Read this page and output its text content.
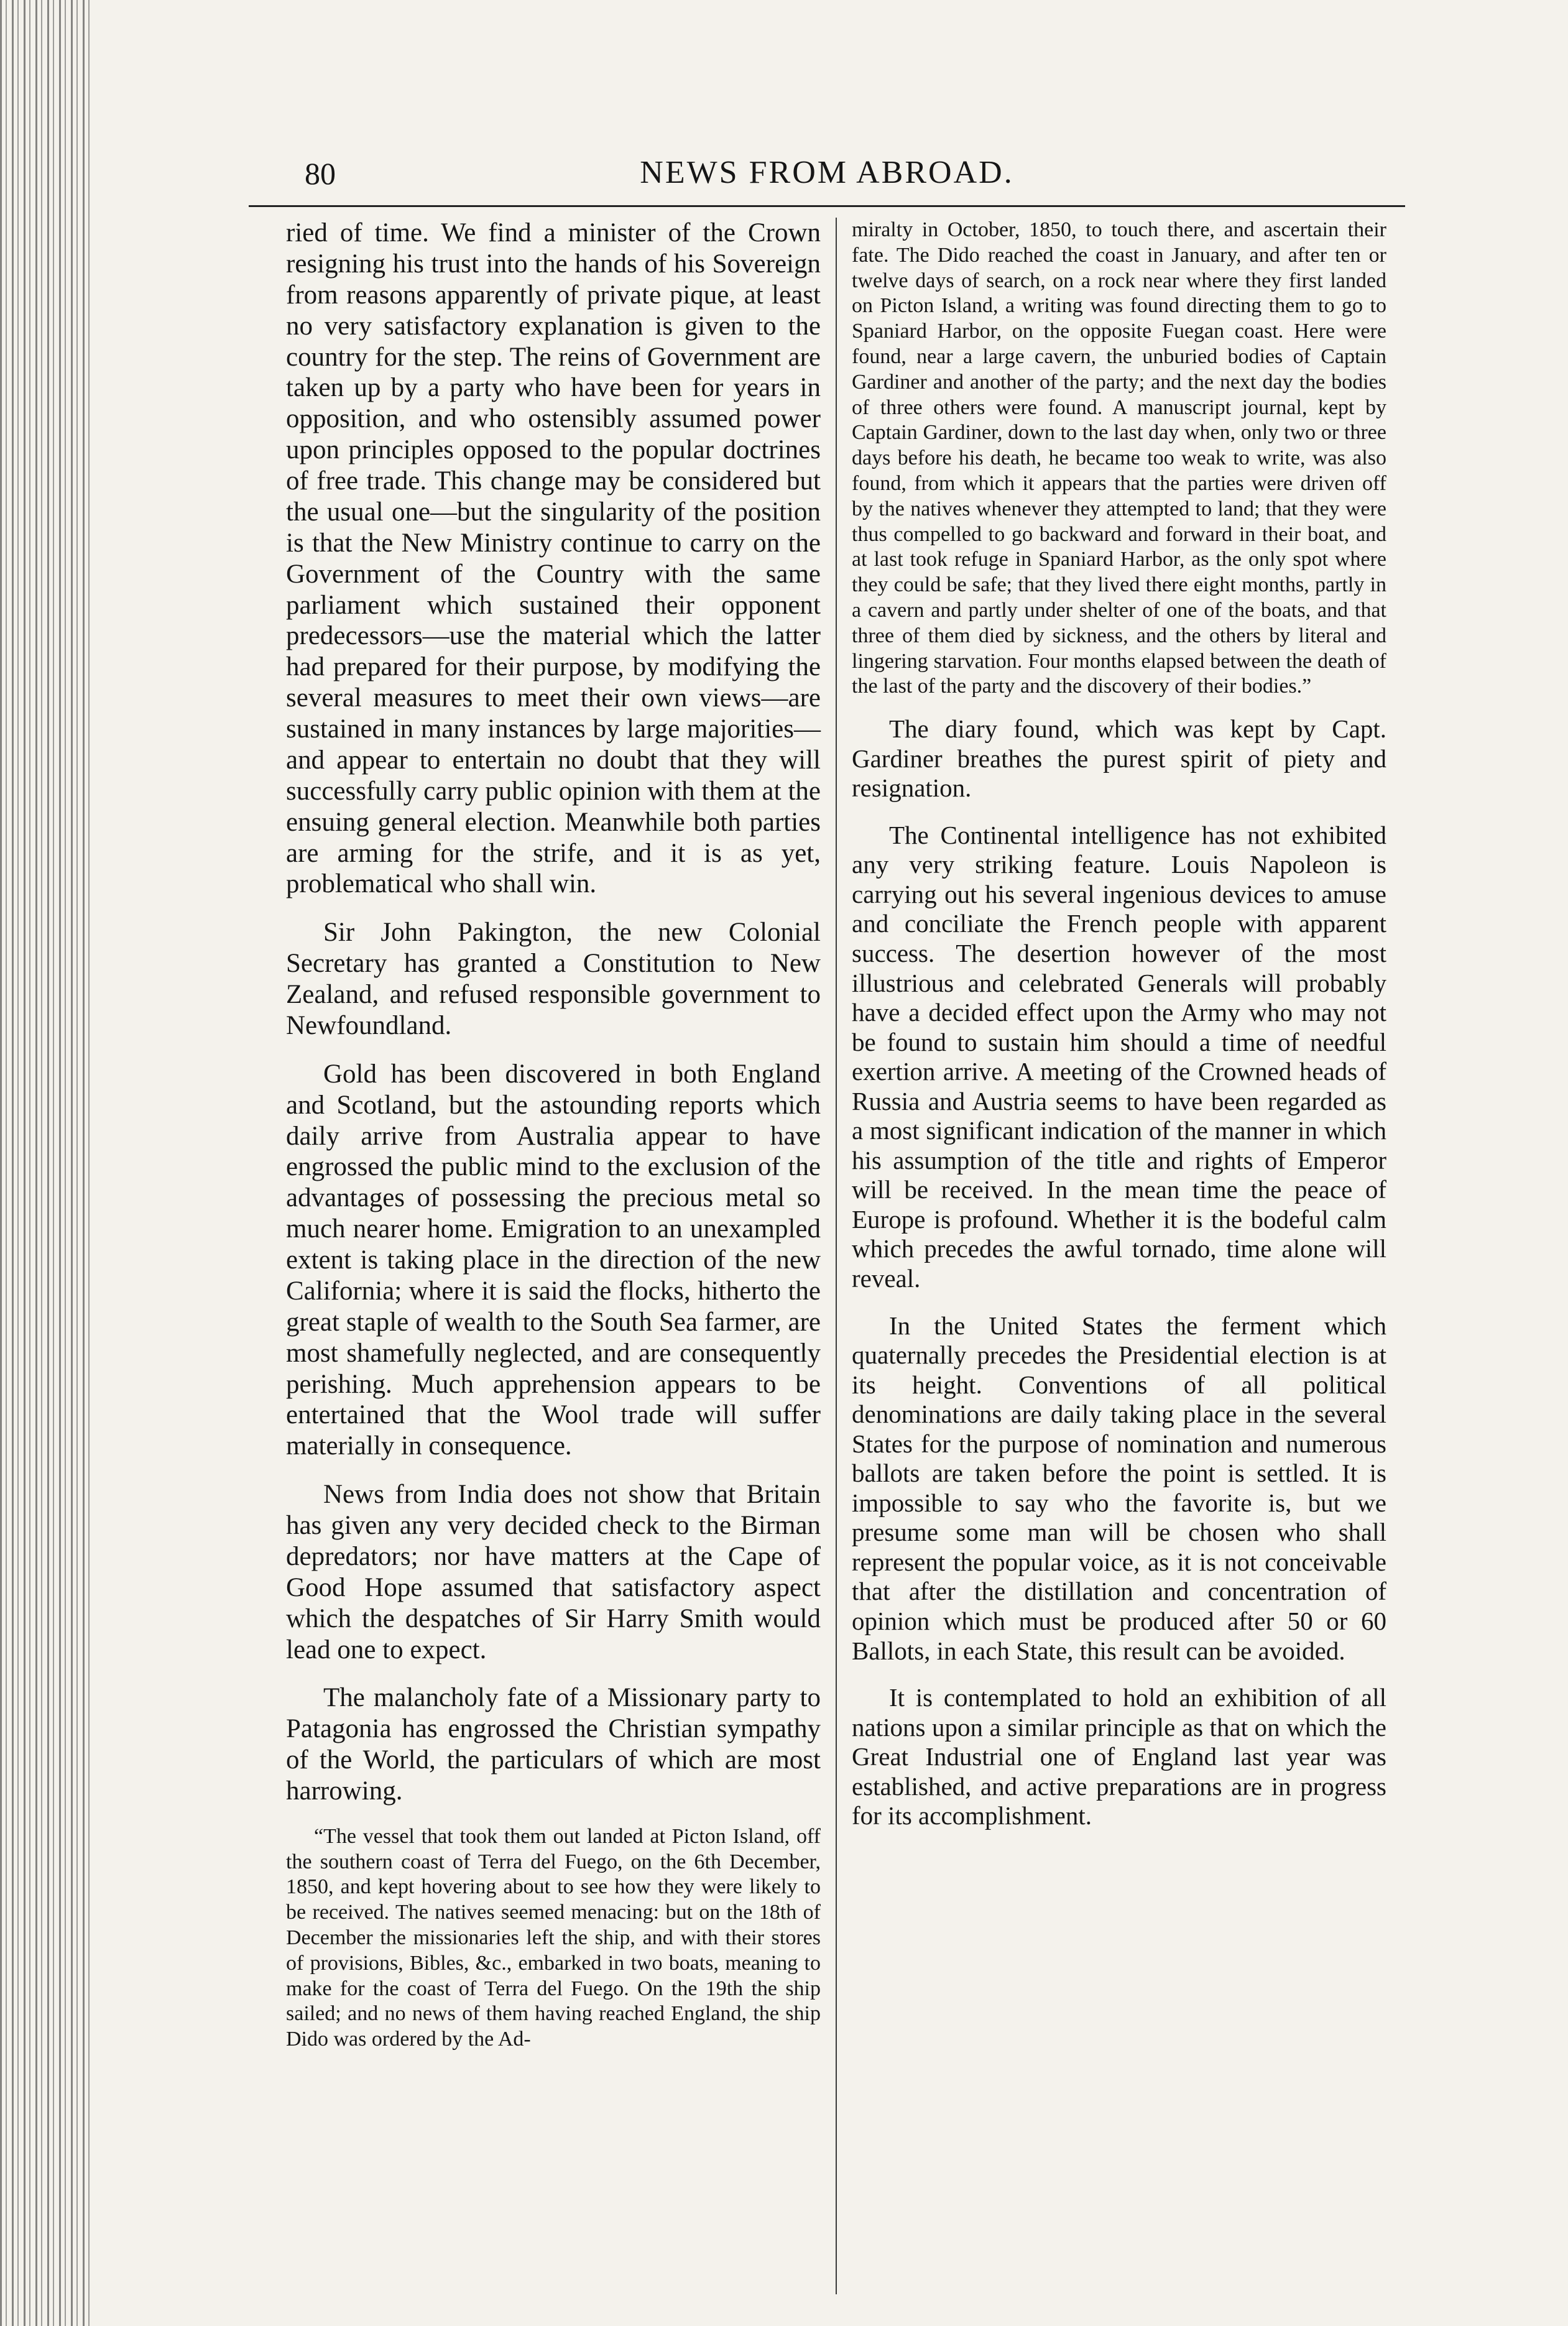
80	NEWS FROM ABROAD.

ried of time. We find a minister of the Crown resigning his trust into the hands of his Sovereign from reasons apparently of private pique, at least no very satisfactory explanation is given to the country for the step. The reins of Government are taken up by a party who have been for years in opposition, and who ostensibly assumed power upon principles opposed to the popular doctrines of free trade. This change may be considered but the usual one—but the singularity of the position is that the New Ministry continue to carry on the Government of the Country with the same parliament which sustained their opponent predecessors—use the material which the latter had prepared for their purpose, by modifying the several measures to meet their own views—are sustained in many instances by large majorities—and appear to entertain no doubt that they will successfully carry public opinion with them at the ensuing general election. Meanwhile both parties are arming for the strife, and it is as yet, problematical who shall win.

Sir John Pakington, the new Colonial Secretary has granted a Constitution to New Zealand, and refused responsible government to Newfoundland.

Gold has been discovered in both England and Scotland, but the astounding reports which daily arrive from Australia appear to have engrossed the public mind to the exclusion of the advantages of possessing the precious metal so much nearer home. Emigration to an unexampled extent is taking place in the direction of the new California; where it is said the flocks, hitherto the great staple of wealth to the South Sea farmer, are most shamefully neglected, and are consequently perishing. Much apprehension appears to be entertained that the Wool trade will suffer materially in consequence.

News from India does not show that Britain has given any very decided check to the Birman depredators; nor have matters at the Cape of Good Hope assumed that satisfactory aspect which the despatches of Sir Harry Smith would lead one to expect.

The malancholy fate of a Missionary party to Patagonia has engrossed the Christian sympathy of the World, the particulars of which are most harrowing.

“The vessel that took them out landed at Picton Island, off the southern coast of Terra del Fuego, on the 6th December, 1850, and kept hovering about to see how they were likely to be received. The natives seemed menacing: but on the 18th of December the missionaries left the ship, and with their stores of provisions, Bibles, &c., embarked in two boats, meaning to make for the coast of Terra del Fuego. On the 19th the ship sailed; and no news of them having reached England, the ship Dido was ordered by the Ad-

miralty in October, 1850, to touch there, and ascertain their fate. The Dido reached the coast in January, and after ten or twelve days of search, on a rock near where they first landed on Picton Island, a writing was found directing them to go to Spaniard Harbor, on the opposite Fuegan coast. Here were found, near a large cavern, the unburied bodies of Captain Gardiner and another of the party; and the next day the bodies of three others were found. A manuscript journal, kept by Captain Gardiner, down to the last day when, only two or three days before his death, he became too weak to write, was also found, from which it appears that the parties were driven off by the natives whenever they attempted to land; that they were thus compelled to go backward and forward in their boat, and at last took refuge in Spaniard Harbor, as the only spot where they could be safe; that they lived there eight months, partly in a cavern and partly under shelter of one of the boats, and that three of them died by sickness, and the others by literal and lingering starvation. Four months elapsed between the death of the last of the party and the discovery of their bodies.”

The diary found, which was kept by Capt. Gardiner breathes the purest spirit of piety and resignation.

The Continental intelligence has not exhibited any very striking feature. Louis Napoleon is carrying out his several ingenious devices to amuse and conciliate the French people with apparent success. The desertion however of the most illustrious and celebrated Generals will probably have a decided effect upon the Army who may not be found to sustain him should a time of needful exertion arrive. A meeting of the Crowned heads of Russia and Austria seems to have been regarded as a most significant indication of the manner in which his assumption of the title and rights of Emperor will be received. In the mean time the peace of Europe is profound. Whether it is the bodeful calm which precedes the awful tornado, time alone will reveal.

In the United States the ferment which quaternally precedes the Presidential election is at its height. Conventions of all political denominations are daily taking place in the several States for the purpose of nomination and numerous ballots are taken before the point is settled. It is impossible to say who the favorite is, but we presume some man will be chosen who shall represent the popular voice, as it is not conceivable that after the distillation and concentration of opinion which must be produced after 50 or 60 Ballots, in each State, this result can be avoided.

It is contemplated to hold an exhibition of all nations upon a similar principle as that on which the Great Industrial one of England last year was established, and active preparations are in progress for its accomplishment.
